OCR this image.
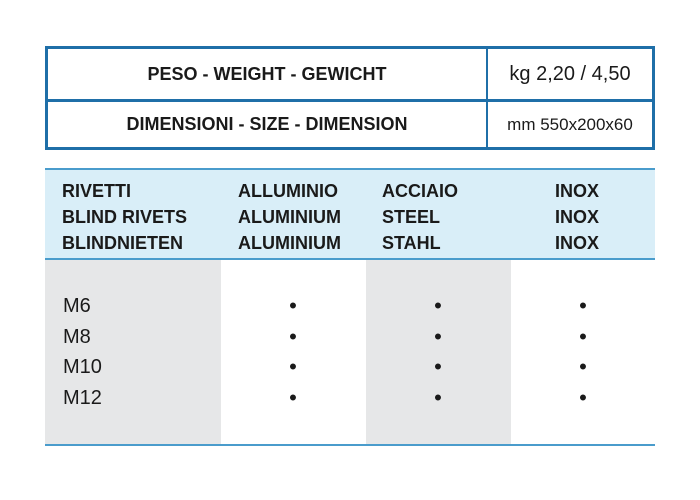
PESO - WEIGHT - GEWICHT	kg 2,20 / 4,50
DIMENSIONI - SIZE - DIMENSION	mm 550x200x60
RIVETTI
BLIND RIVETS
BLINDNIETEN
ALLUMINIO
ALUMINIUM
ALUMINIUM
ACCIAIO
STEEL
STAHL
INOX
INOX
INOX
M6
M8
M10
M12
•
•
•
•
•
•
•
•
•
•
•
•
